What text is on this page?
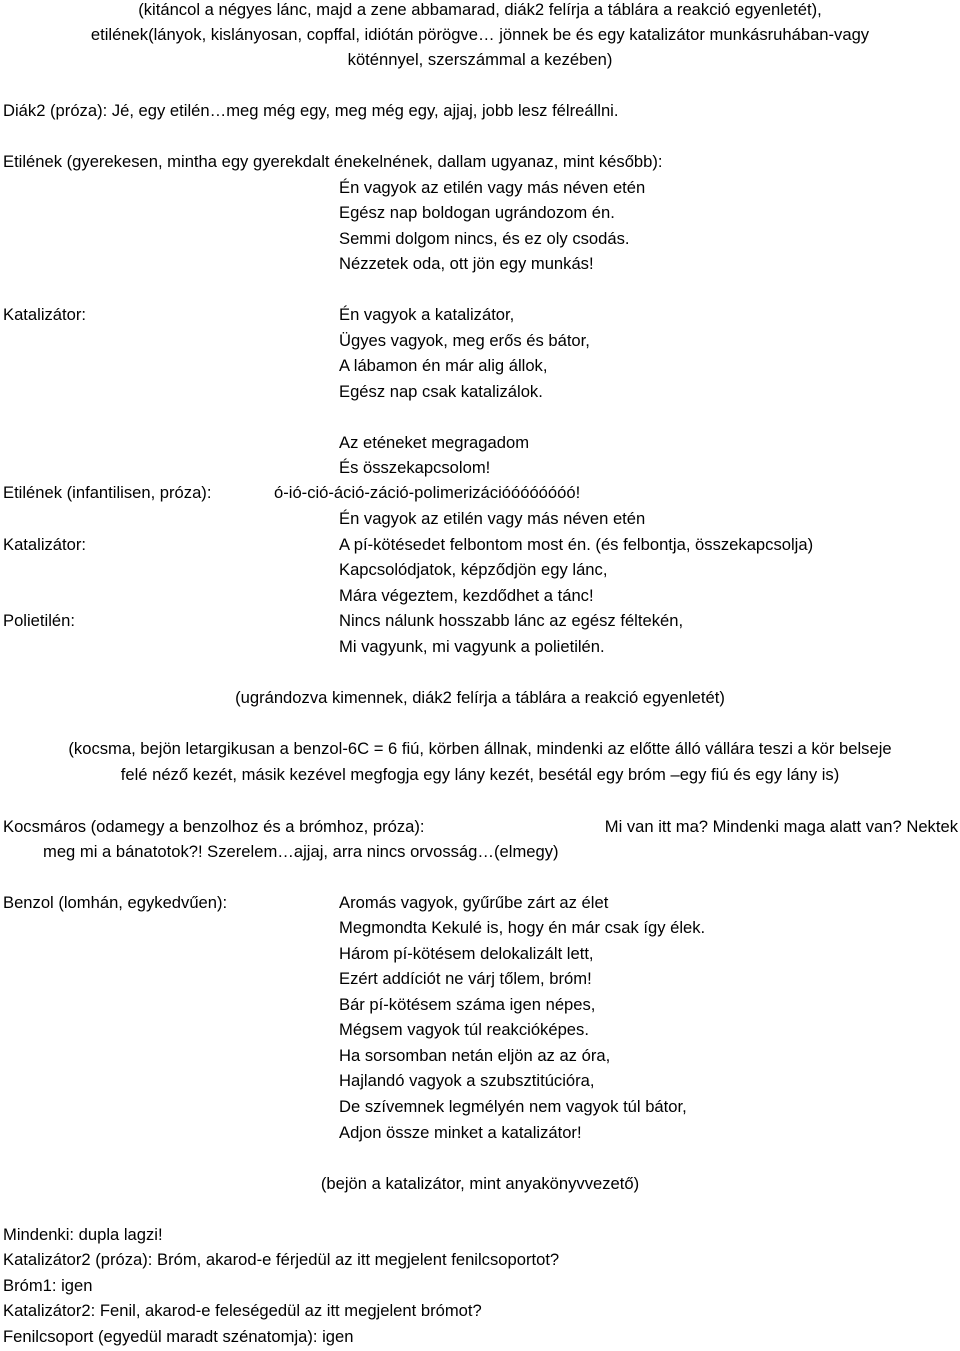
(kitáncol a négyes lánc, majd a zene abbamarad, diák2 felírja a táblára a reakció egyenletét),
etilének(lányok, kislányosan, copffal, idiótán pörögve… jönnek be és egy katalizátor munkásruhában-vagy
köténnyel, szerszámmal a kezében)
Diák2 (próza): Jé, egy etilén…meg még egy, meg még egy, ajjaj, jobb lesz félreállni.
Etilének (gyerekesen, mintha egy gyerekdalt énekelnének, dallam ugyanaz, mint később):
Én vagyok az etilén vagy más néven etén
Egész nap boldogan ugrándozom én.
Semmi dolgom nincs, és ez oly csodás.
Nézzetek oda, ott jön egy munkás!
Katalizátor:	Én vagyok a katalizátor,
Ügyes vagyok, meg erős és bátor,
A lábamon én már alig állok,
Egész nap csak katalizálok.
Az eténeket megragadom
És összekapcsolom!
Etilének (infantilisen, próza):	ó-ió-ció-áció-záció-polimerizációóóóóóóó!
Én vagyok az etilén vagy más néven etén
Katalizátor:	A pí-kötésedet felbontom most én. (és felbontja, összekapcsolja)
Kapcsolódjatok, képződjön egy lánc,
Mára végeztem, kezdődhet a tánc!
Polietilén:	Nincs nálunk hosszabb lánc az egész féltekén,
Mi vagyunk, mi vagyunk a polietilén.
(ugrándozva kimennek, diák2 felírja a táblára a reakció egyenletét)
(kocsma, bejön letargikusan a benzol-6C = 6 fiú, körben állnak, mindenki az előtte álló vállára teszi a kör belseje
felé néző kezét, másik kezével megfogja egy lány kezét, besétál egy bróm –egy fiú és egy lány is)
Kocsmáros (odamegy a benzolhoz és a brómhoz, próza):	Mi van itt ma? Mindenki maga alatt van? Nektek
meg mi a bánatotok?! Szerelem…ajjaj, arra nincs orvosság…(elmegy)
Benzol (lomhán, egykedvűen):	Aromás vagyok, gyűrűbe zárt az élet
Megmondta Kekulé is, hogy én már csak így élek.
Három pí-kötésem delokalizált lett,
Ezért addíciót ne várj tőlem, bróm!
Bár pí-kötésem száma igen népes,
Mégsem vagyok túl reakcióképes.
Ha sorsomban netán eljön az az óra,
Hajlandó vagyok a szubsztitúcióra,
De szívemnek legmélyén nem vagyok túl bátor,
Adjon össze minket a katalizátor!
(bejön a katalizátor, mint anyakönyvvezető)
Mindenki: dupla lagzi!
Katalizátor2 (próza): Bróm, akarod-e férjedül az itt megjelent fenilcsoportot?
Bróm1: igen
Katalizátor2: Fenil, akarod-e feleségedül az itt megjelent brómot?
Fenilcsoport (egyedül maradt szénatomja): igen
